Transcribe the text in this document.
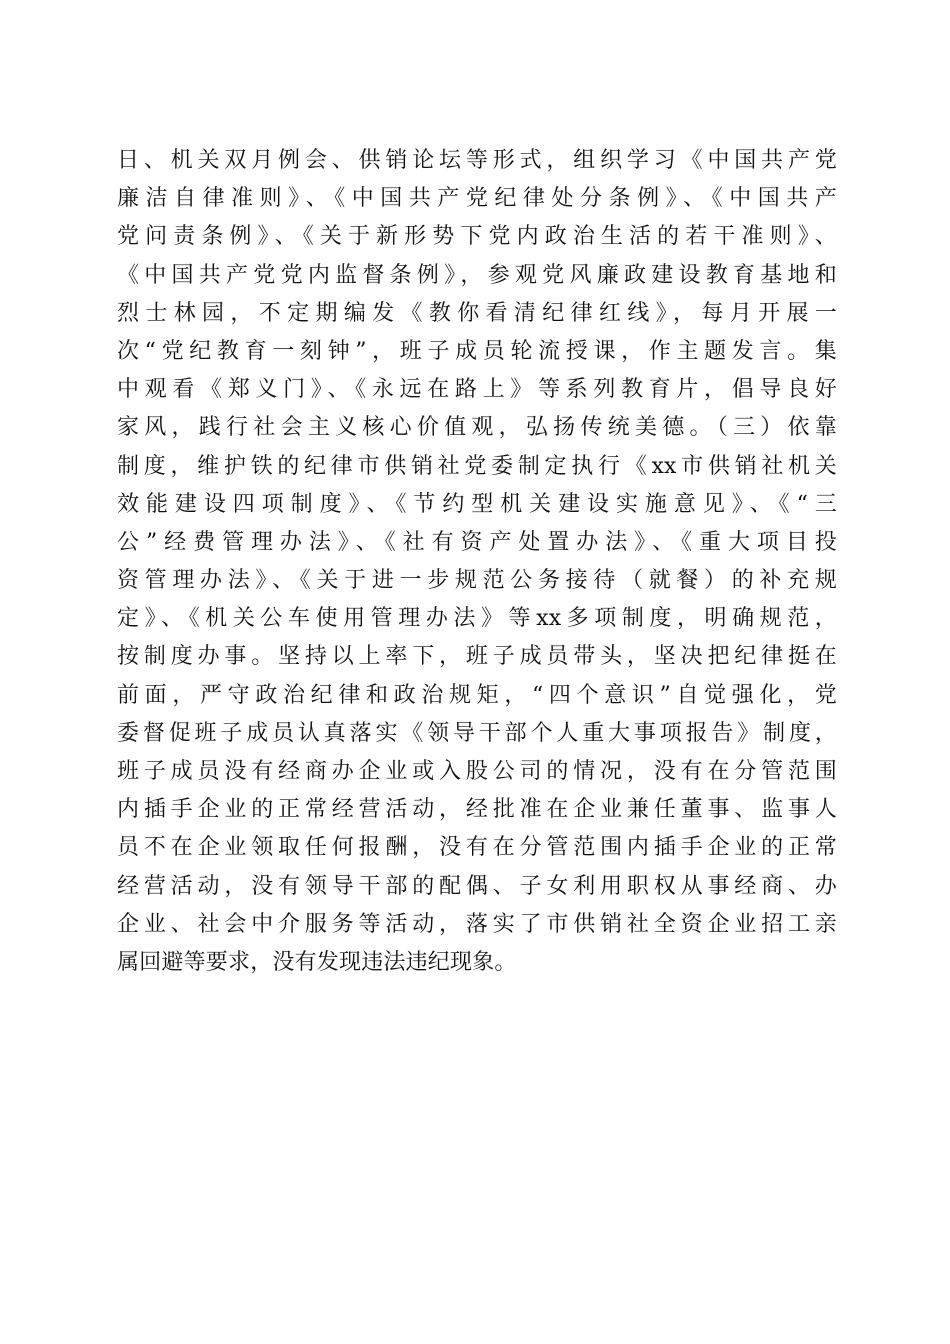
日、机关双月例会、供销论坛等形式，组织学习《中国共产党
廉洁自律准则》、《中国共产党纪律处分条例》、《中国共产
党问责条例》、《关于新形势下党内政治生活的若干准则》、
《中国共产党党内监督条例》，参观党风廉政建设教育基地和
烈士林园，不定期编发《教你看清纪律红线》，每月开展一
次“党纪教育一刻钟”，班子成员轮流授课，作主题发言。集
中观看《郑义门》、《永远在路上》等系列教育片，倡导良好
家风，践行社会主义核心价值观，弘扬传统美德。（三）依靠
制度，维护铁的纪律市供销社党委制定执行《xx市供销社机关
效能建设四项制度》、《节约型机关建设实施意见》、《“三
公”经费管理办法》、《社有资产处置办法》、《重大项目投
资管理办法》、《关于进一步规范公务接待（就餐）的补充规
定》、《机关公车使用管理办法》等xx多项制度，明确规范，
按制度办事。坚持以上率下，班子成员带头，坚决把纪律挺在
前面，严守政治纪律和政治规矩，“四个意识”自觉强化，党
委督促班子成员认真落实《领导干部个人重大事项报告》制度，
班子成员没有经商办企业或入股公司的情况，没有在分管范围
内插手企业的正常经营活动，经批准在企业兼任董事、监事人
员不在企业领取任何报酬，没有在分管范围内插手企业的正常
经营活动，没有领导干部的配偶、子女利用职权从事经商、办
企业、社会中介服务等活动，落实了市供销社全资企业招工亲
属回避等要求，没有发现违法违纪现象。
